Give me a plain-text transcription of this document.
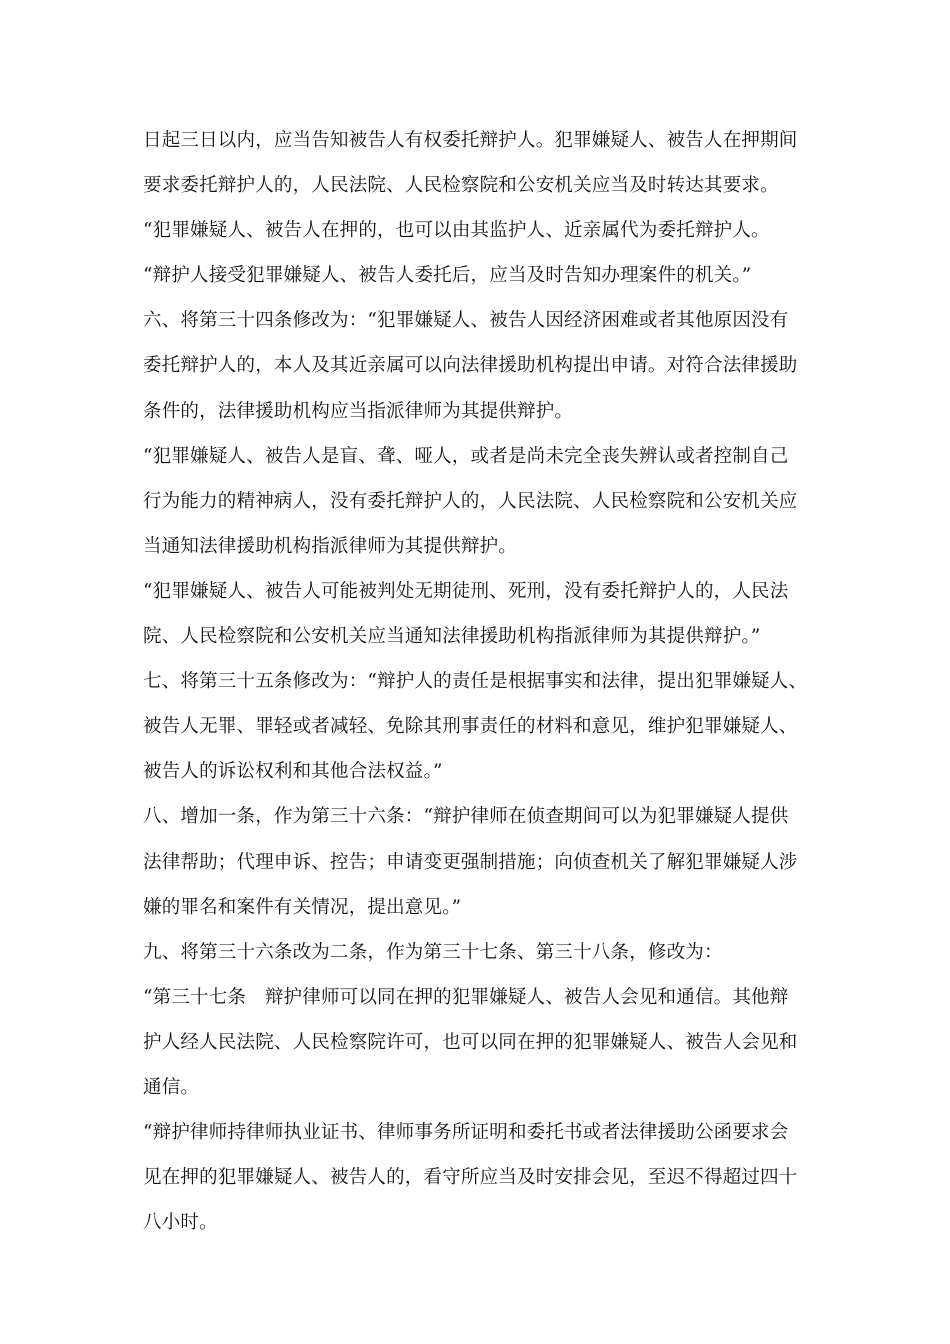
日起三日以内，应当告知被告人有权委托辩护人。犯罪嫌疑人、被告人在押期间
要求委托辩护人的，人民法院、人民检察院和公安机关应当及时转达其要求。
“犯罪嫌疑人、被告人在押的，也可以由其监护人、近亲属代为委托辩护人。
“辩护人接受犯罪嫌疑人、被告人委托后，应当及时告知办理案件的机关。”
六、将第三十四条修改为：“犯罪嫌疑人、被告人因经济困难或者其他原因没有
委托辩护人的，本人及其近亲属可以向法律援助机构提出申请。对符合法律援助
条件的，法律援助机构应当指派律师为其提供辩护。
“犯罪嫌疑人、被告人是盲、聋、哑人，或者是尚未完全丧失辨认或者控制自己
行为能力的精神病人，没有委托辩护人的，人民法院、人民检察院和公安机关应
当通知法律援助机构指派律师为其提供辩护。
“犯罪嫌疑人、被告人可能被判处无期徒刑、死刑，没有委托辩护人的，人民法
院、人民检察院和公安机关应当通知法律援助机构指派律师为其提供辩护。”
七、将第三十五条修改为：“辩护人的责任是根据事实和法律，提出犯罪嫌疑人、
被告人无罪、罪轻或者减轻、免除其刑事责任的材料和意见，维护犯罪嫌疑人、
被告人的诉讼权利和其他合法权益。”
八、增加一条，作为第三十六条：“辩护律师在侦查期间可以为犯罪嫌疑人提供
法律帮助；代理申诉、控告；申请变更强制措施；向侦查机关了解犯罪嫌疑人涉
嫌的罪名和案件有关情况，提出意见。”
九、将第三十六条改为二条，作为第三十七条、第三十八条，修改为：
“第三十七条　辩护律师可以同在押的犯罪嫌疑人、被告人会见和通信。其他辩
护人经人民法院、人民检察院许可，也可以同在押的犯罪嫌疑人、被告人会见和
通信。
“辩护律师持律师执业证书、律师事务所证明和委托书或者法律援助公函要求会
见在押的犯罪嫌疑人、被告人的，看守所应当及时安排会见，至迟不得超过四十
八小时。
